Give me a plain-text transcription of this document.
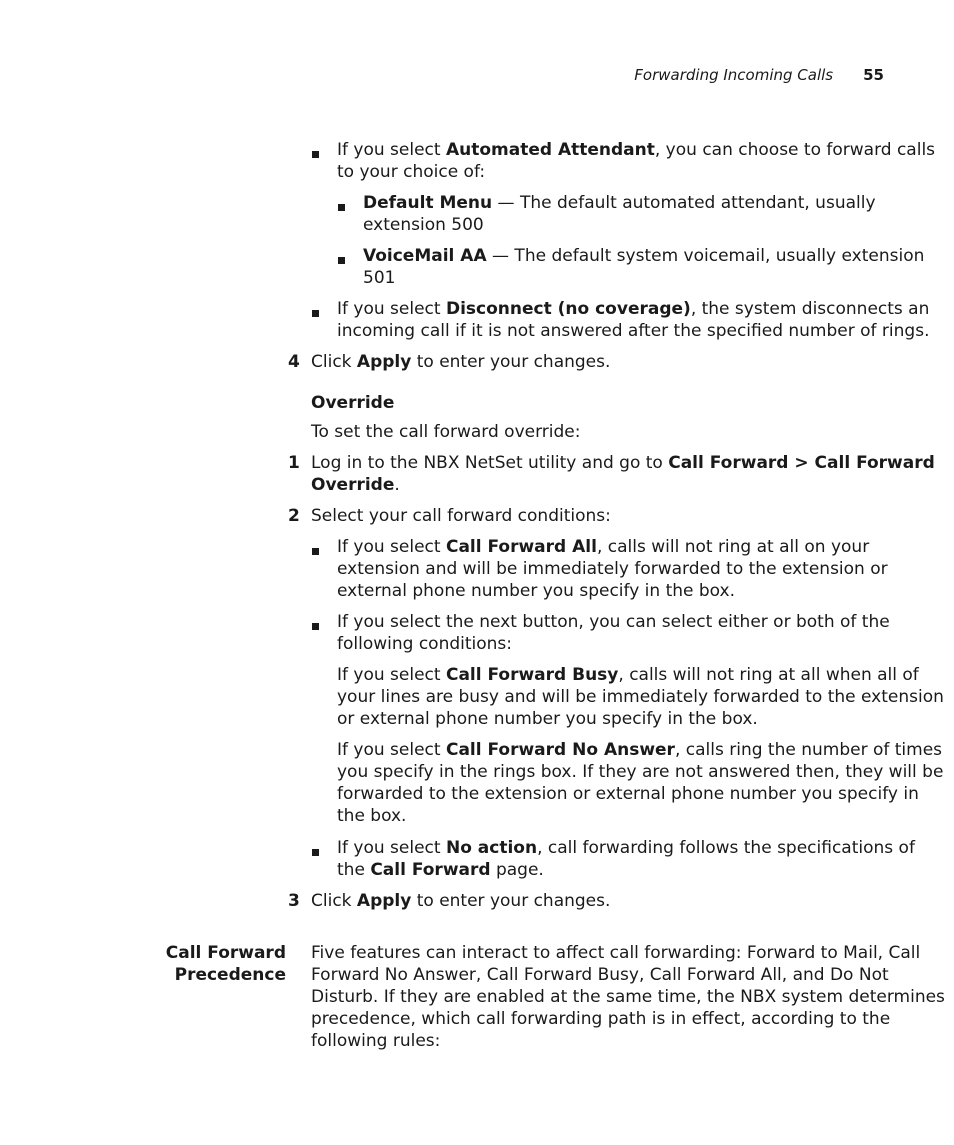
Forwarding Incoming Calls 55
If you select Automated Attendant, you can choose to forward calls
to your choice of:
Default Menu — The default automated attendant, usually
extension 500
VoiceMail AA — The default system voicemail, usually extension
501
If you select Disconnect (no coverage), the system disconnects an
incoming call if it is not answered after the specified number of rings.
4 Click Apply to enter your changes.
Override
To set the call forward override:
1 Log in to the NBX NetSet utility and go to Call Forward > Call Forward
Override.
2 Select your call forward conditions:
If you select Call Forward All, calls will not ring at all on your
extension and will be immediately forwarded to the extension or
external phone number you specify in the box.
If you select the next button, you can select either or both of the
following conditions:
If you select Call Forward Busy, calls will not ring at all when all of
your lines are busy and will be immediately forwarded to the extension
or external phone number you specify in the box.
If you select Call Forward No Answer, calls ring the number of times
you specify in the rings box. If they are not answered then, they will be
forwarded to the extension or external phone number you specify in
the box.
If you select No action, call forwarding follows the specifications of
the Call Forward page.
3 Click Apply to enter your changes.
Call Forward
Precedence
Five features can interact to affect call forwarding: Forward to Mail, Call
Forward No Answer, Call Forward Busy, Call Forward All, and Do Not
Disturb. If they are enabled at the same time, the NBX system determines
precedence, which call forwarding path is in effect, according to the
following rules:
